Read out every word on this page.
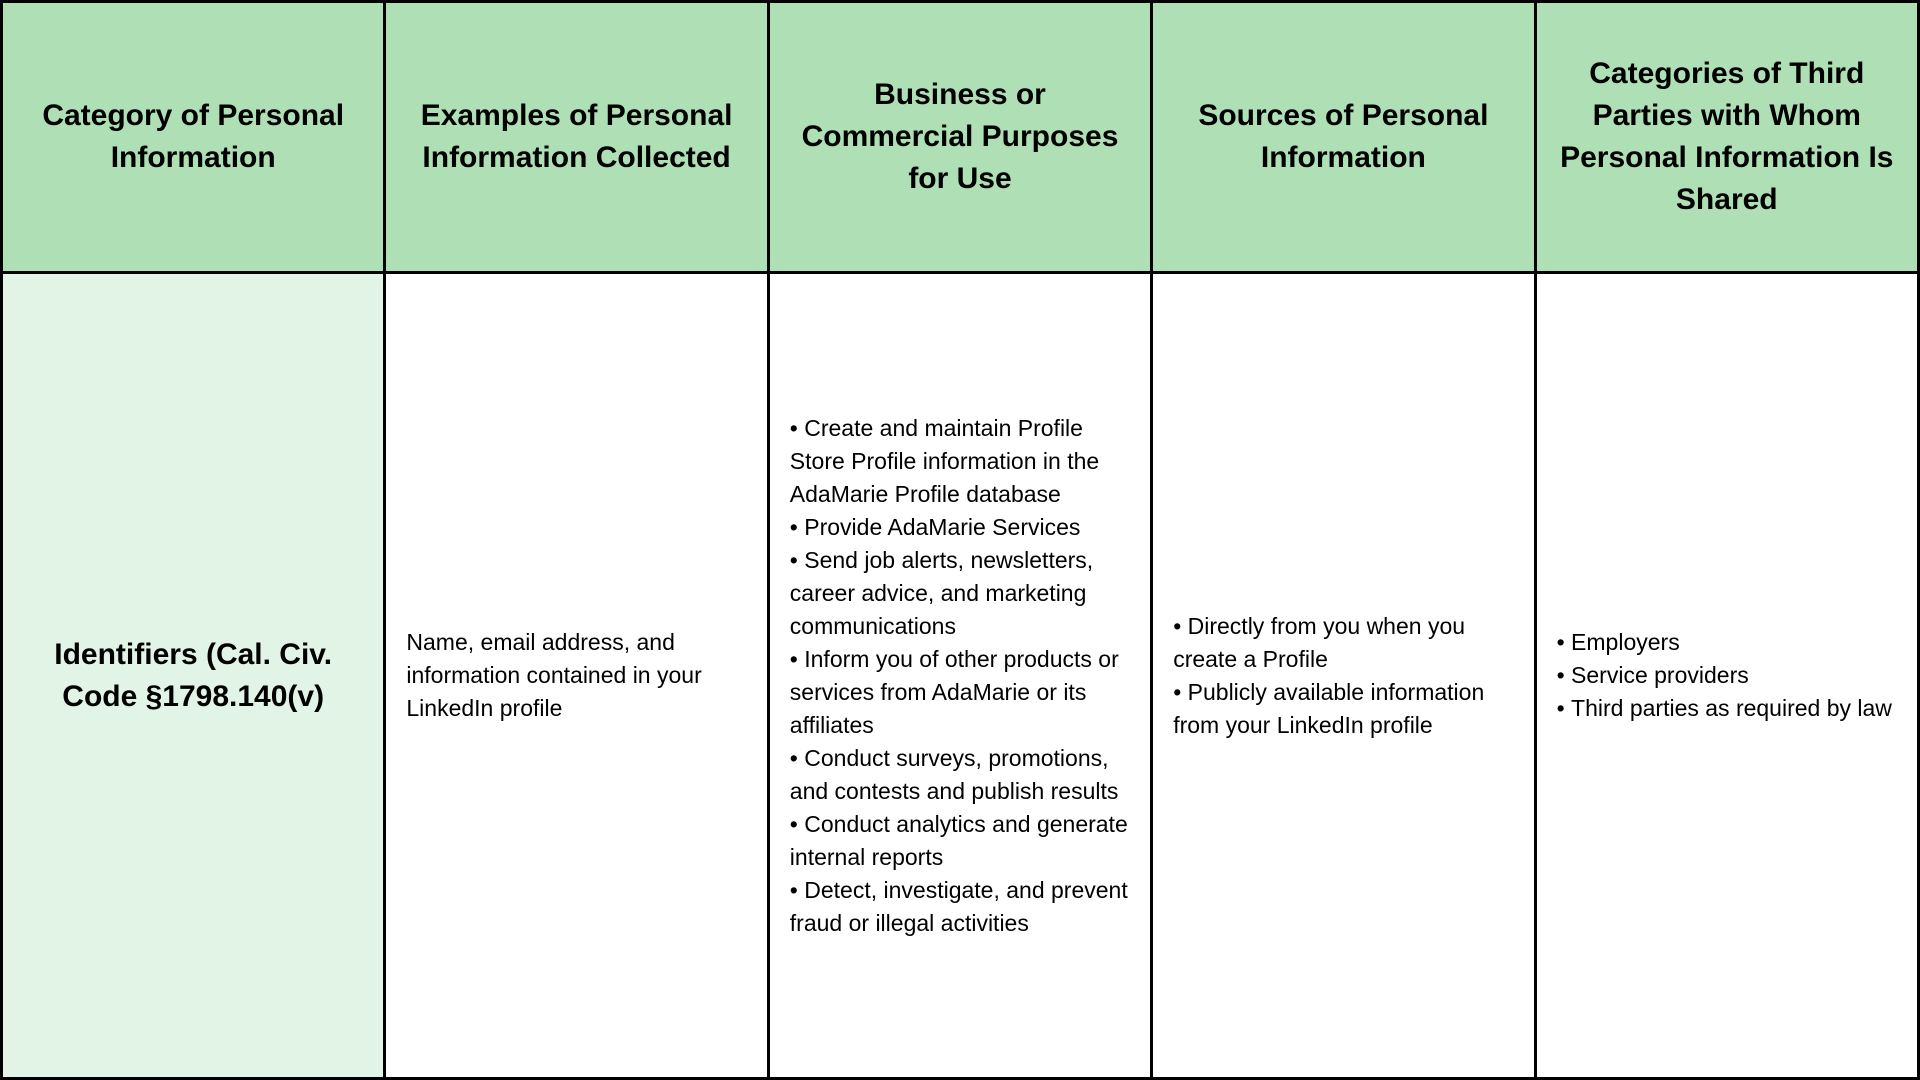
Category of Personal Information
Examples of Personal Information Collected
Business or Commercial Purposes for Use
Sources of Personal Information
Categories of Third Parties with Whom Personal Information Is Shared
Identifiers (Cal. Civ. Code §1798.140(v)
Name, email address, and information contained in your LinkedIn profile
• Create and maintain Profile Store Profile information in the AdaMarie Profile database
• Provide AdaMarie Services
• Send job alerts, newsletters, career advice, and marketing communications
• Inform you of other products or services from AdaMarie or its affiliates
• Conduct surveys, promotions, and contests and publish results
• Conduct analytics and generate internal reports
• Detect, investigate, and prevent fraud or illegal activities
• Directly from you when you create a Profile
• Publicly available information from your LinkedIn profile
• Employers
• Service providers
• Third parties as required by law
